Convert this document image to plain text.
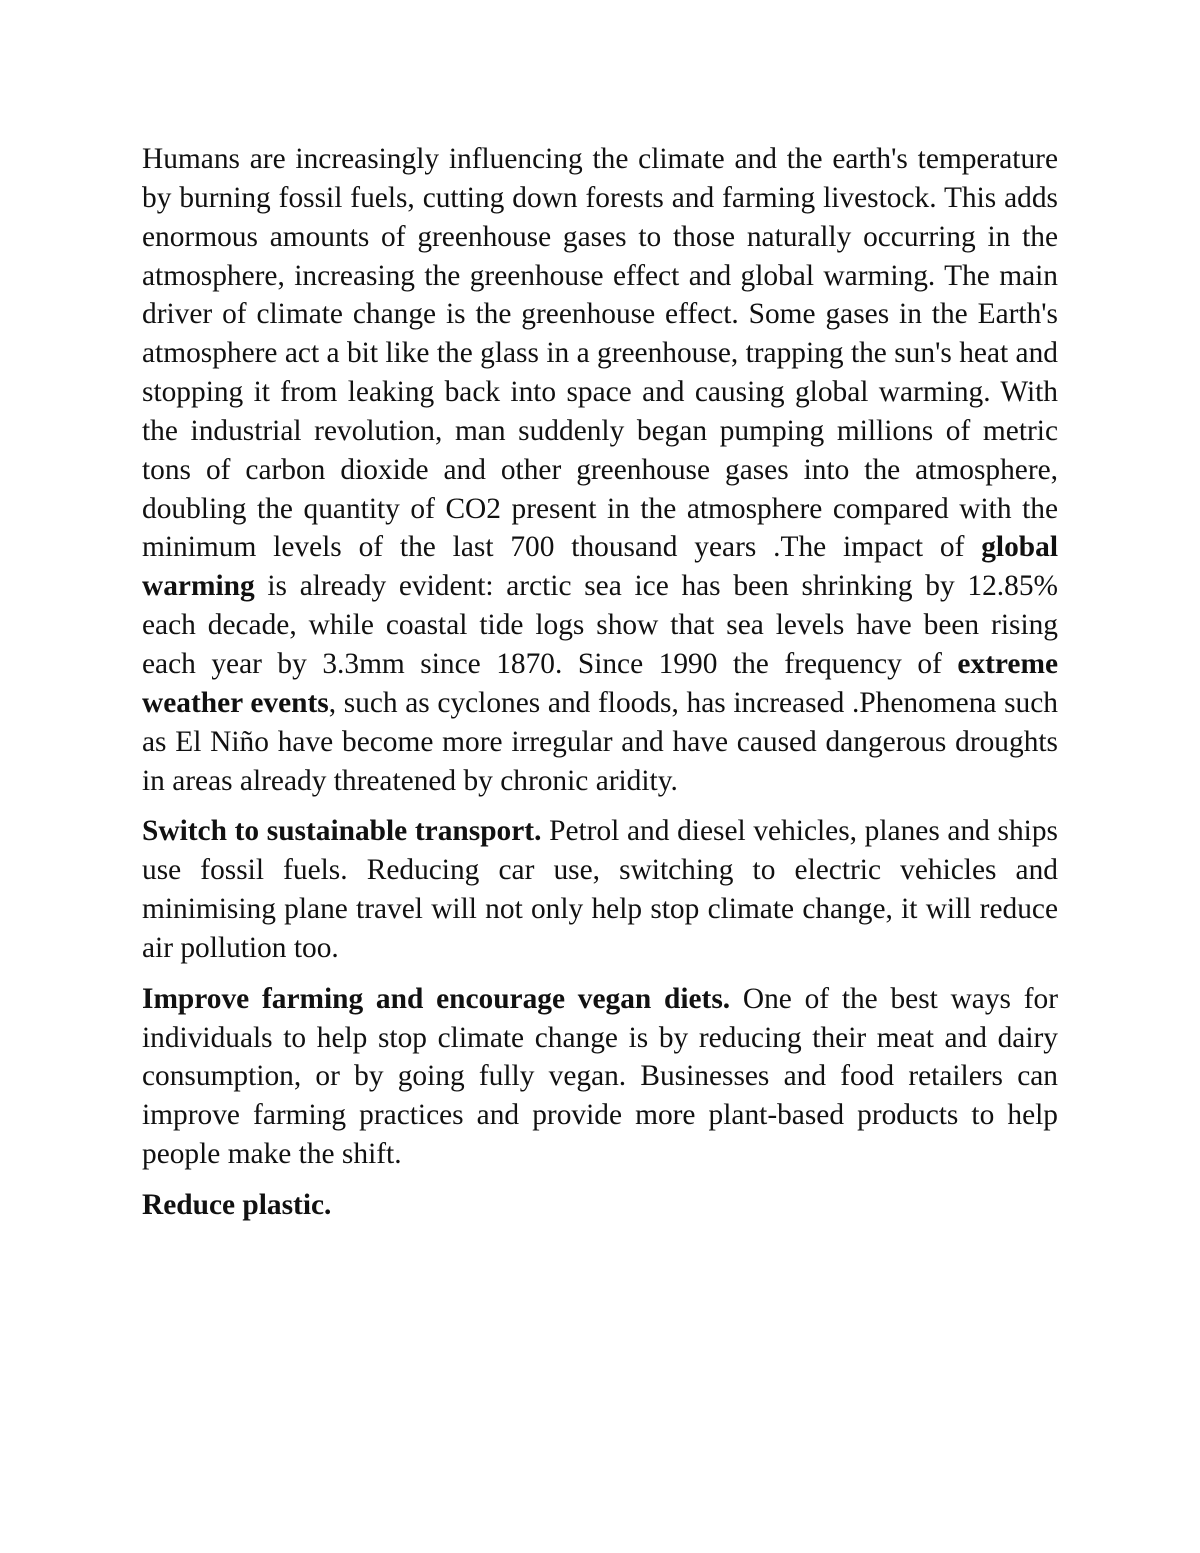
Humans are increasingly influencing the climate and the earth's temperature by burning fossil fuels, cutting down forests and farming livestock. This adds enormous amounts of greenhouse gases to those naturally occurring in the atmosphere, increasing the greenhouse effect and global warming. The main driver of climate change is the greenhouse effect. Some gases in the Earth's atmosphere act a bit like the glass in a greenhouse, trapping the sun's heat and stopping it from leaking back into space and causing global warming. With the industrial revolution, man suddenly began pumping millions of metric tons of carbon dioxide and other greenhouse gases into the atmosphere, doubling the quantity of CO2 present in the atmosphere compared with the minimum levels of the last 700 thousand years .The impact of global warming is already evident: arctic sea ice has been shrinking by 12.85% each decade, while coastal tide logs show that sea levels have been rising each year by 3.3mm since 1870. Since 1990 the frequency of extreme weather events, such as cyclones and floods, has increased .Phenomena such as El Niño have become more irregular and have caused dangerous droughts in areas already threatened by chronic aridity.

Switch to sustainable transport. Petrol and diesel vehicles, planes and ships use fossil fuels. Reducing car use, switching to electric vehicles and minimising plane travel will not only help stop climate change, it will reduce air pollution too.

Improve farming and encourage vegan diets. One of the best ways for individuals to help stop climate change is by reducing their meat and dairy consumption, or by going fully vegan. Businesses and food retailers can improve farming practices and provide more plant-based products to help people make the shift.

Reduce plastic.
